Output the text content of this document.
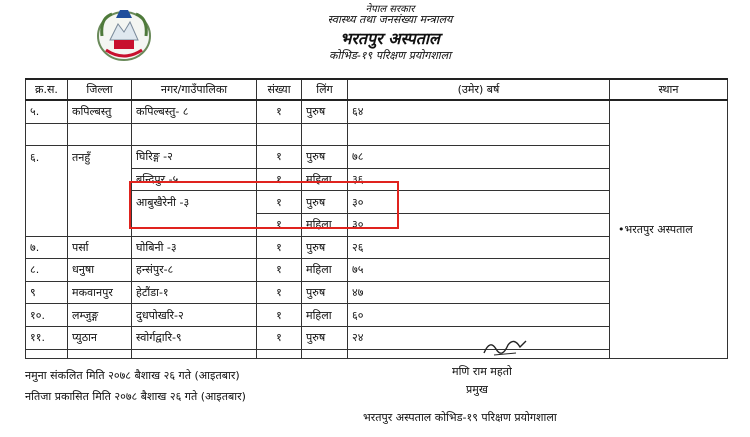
नेपाल सरकार
स्वास्थ्य तथा जनसंख्या मन्त्रालय
भरतपुर अस्पताल
कोभिड-१९ परिक्षण प्रयोगशाला
क्र.स.	जिल्ला	नगर/गाउँपालिका	संख्या	लिंग	(उमेर) बर्ष	स्थान
५.	कपिल्बस्तु	कपिल्बस्तु- ८	१	पुरुष	६४	•भरतपुर अस्पताल

६.	तनहुँ	घिरिङ्ग -२	१	पुरुष	७८	
		बन्दिपुर -५	१	महिला	३६	
		आबुखैरेनी -३	१	पुरुष	३०	
			१	महिला	३०	
७.	पर्सा	घोबिनी -३	१	पुरुष	२६	
८.	धनुषा	हन्संपुर-८	१	महिला	७५	
९	मकवानपुर	हेटौंडा-१	१	पुरुष	४७	
१०.	लम्जुङ्ग	दुधपोखरि-२	१	महिला	६०	
११.	प्युठान	स्वोर्गद्वारि-९	१	पुरुष	२४	

नमुना संकलित मिति २०७८ बैशाख २६ गते (आइतबार)
नतिजा प्रकासित मिति २०७८ बैशाख २६ गते (आइतबार)
मणि राम महतो
प्रमुख
भरतपुर अस्पताल कोभिड-१९ परिक्षण प्रयोगशाला
